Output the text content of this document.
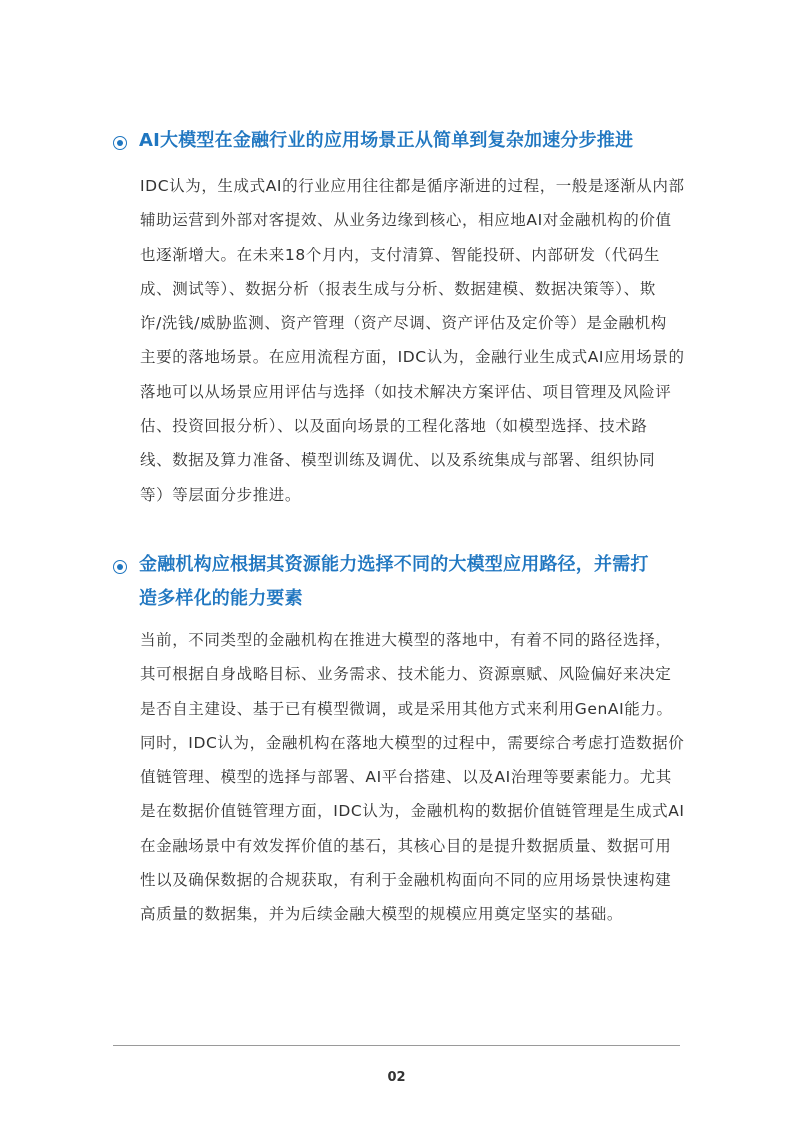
AI大模型在金融行业的应用场景正从简单到复杂加速分步推进
IDC认为，生成式AI的行业应用往往都是循序渐进的过程，一般是逐渐从内部
辅助运营到外部对客提效、从业务边缘到核心，相应地AI对金融机构的价值
也逐渐增大。在未来18个月内，支付清算、智能投研、内部研发（代码生
成、测试等）、数据分析（报表生成与分析、数据建模、数据决策等）、欺
诈/洗钱/威胁监测、资产管理（资产尽调、资产评估及定价等）是金融机构
主要的落地场景。在应用流程方面，IDC认为，金融行业生成式AI应用场景的
落地可以从场景应用评估与选择（如技术解决方案评估、项目管理及风险评
估、投资回报分析）、以及面向场景的工程化落地（如模型选择、技术路
线、数据及算力准备、模型训练及调优、以及系统集成与部署、组织协同
等）等层面分步推进。
金融机构应根据其资源能力选择不同的大模型应用路径，并需打
造多样化的能力要素
当前，不同类型的金融机构在推进大模型的落地中，有着不同的路径选择，
其可根据自身战略目标、业务需求、技术能力、资源禀赋、风险偏好来决定
是否自主建设、基于已有模型微调，或是采用其他方式来利用GenAI能力。
同时，IDC认为，金融机构在落地大模型的过程中，需要综合考虑打造数据价
值链管理、模型的选择与部署、AI平台搭建、以及AI治理等要素能力。尤其
是在数据价值链管理方面，IDC认为，金融机构的数据价值链管理是生成式AI
在金融场景中有效发挥价值的基石，其核心目的是提升数据质量、数据可用
性以及确保数据的合规获取，有利于金融机构面向不同的应用场景快速构建
高质量的数据集，并为后续金融大模型的规模应用奠定坚实的基础。
02
